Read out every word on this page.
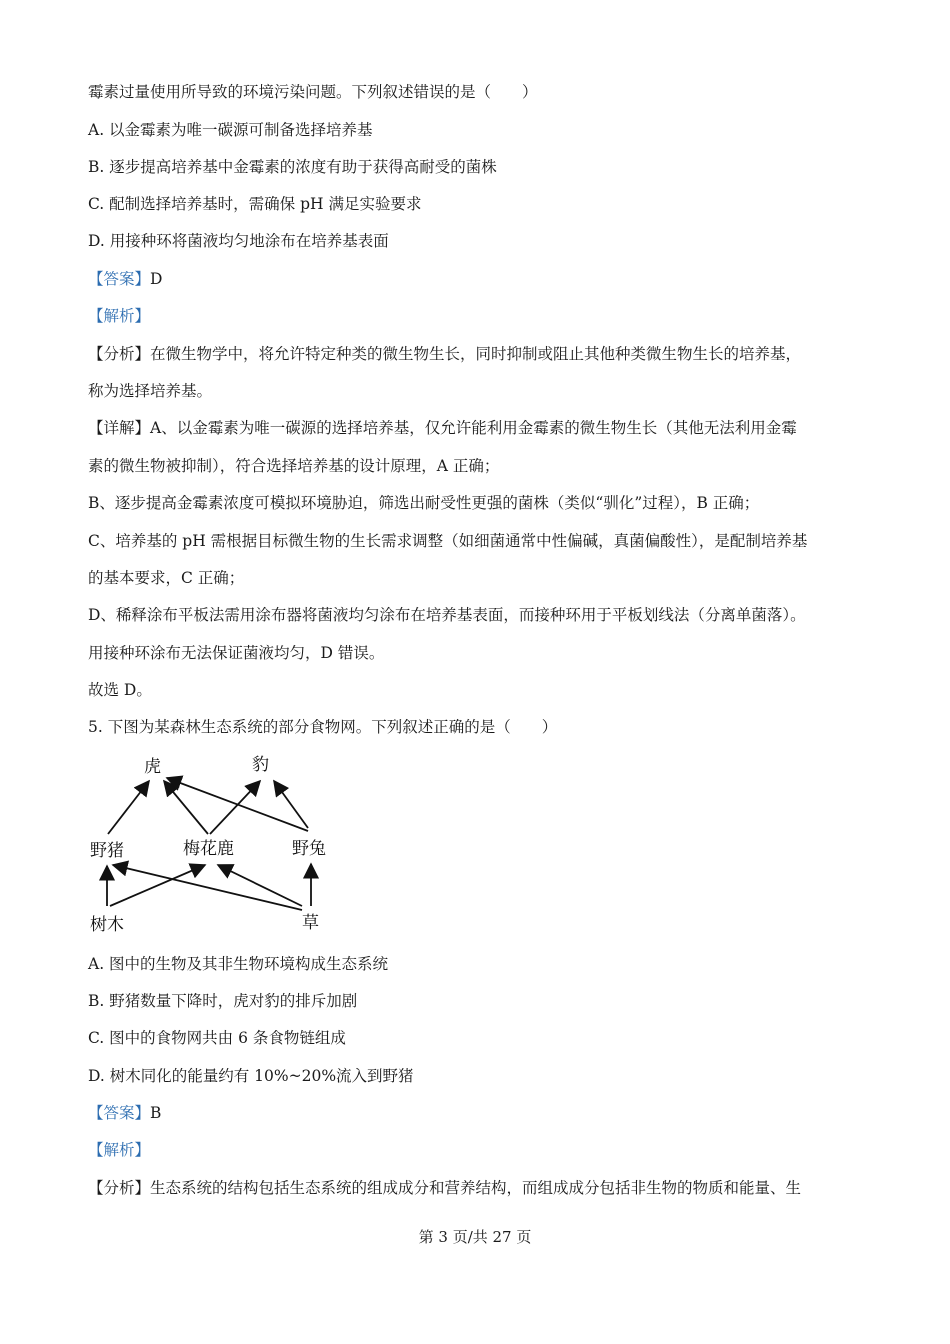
霉素过量使用所导致的环境污染问题。下列叙述错误的是（　　）
A. 以金霉素为唯一碳源可制备选择培养基
B. 逐步提高培养基中金霉素的浓度有助于获得高耐受的菌株
C. 配制选择培养基时，需确保 pH 满足实验要求
D. 用接种环将菌液均匀地涂布在培养基表面
【答案】D
【解析】
【分析】在微生物学中，将允许特定种类的微生物生长，同时抑制或阻止其他种类微生物生长的培养基，
称为选择培养基。
【详解】A、以金霉素为唯一碳源的选择培养基，仅允许能利用金霉素的微生物生长（其他无法利用金霉
素的微生物被抑制），符合选择培养基的设计原理，A 正确；
B、逐步提高金霉素浓度可模拟环境胁迫，筛选出耐受性更强的菌株（类似“驯化”过程），B 正确；
C、培养基的 pH 需根据目标微生物的生长需求调整（如细菌通常中性偏碱，真菌偏酸性），是配制培养基
的基本要求，C 正确；
D、稀释涂布平板法需用涂布器将菌液均匀涂布在培养基表面，而接种环用于平板划线法（分离单菌落）。
用接种环涂布无法保证菌液均匀，D 错误。
故选 D。
5. 下图为某森林生态系统的部分食物网。下列叙述正确的是（　　）
虎	豹
野猪	梅花鹿	野兔
树木	草
A. 图中的生物及其非生物环境构成生态系统
B. 野猪数量下降时，虎对豹的排斥加剧
C. 图中的食物网共由 6 条食物链组成
D. 树木同化的能量约有 10%~20%流入到野猪
【答案】B
【解析】
【分析】生态系统的结构包括生态系统的组成成分和营养结构，而组成成分包括非生物的物质和能量、生
第 3 页/共 27 页
